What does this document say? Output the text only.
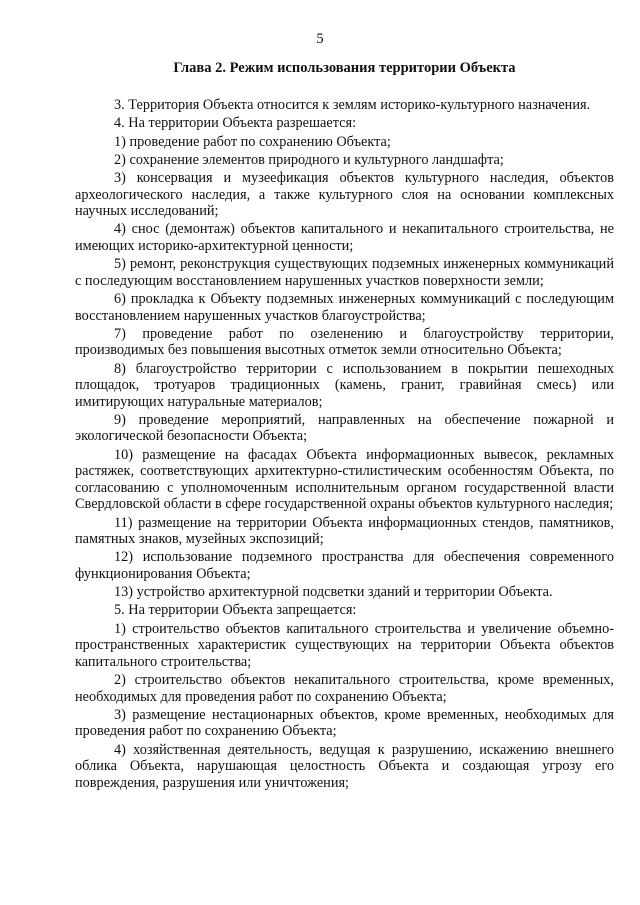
5
Глава 2. Режим использования территории Объекта

3. Территория Объекта относится к землям историко-культурного назначения.

4. На территории Объекта разрешается:

1) проведение работ по сохранению Объекта;

2) сохранение элементов природного и культурного ландшафта;

3) консервация и музеефикация объектов культурного наследия, объектов археологического наследия, а также культурного слоя на основании комплексных научных исследований;

4) снос (демонтаж) объектов капитального и некапитального строительства, не имеющих историко-архитектурной ценности;

5) ремонт, реконструкция существующих подземных инженерных коммуникаций с последующим восстановлением нарушенных участков поверхности земли;

6) прокладка к Объекту подземных инженерных коммуникаций с последующим восстановлением нарушенных участков благоустройства;

7) проведение работ по озеленению и благоустройству территории, производимых без повышения высотных отметок земли относительно Объекта;

8) благоустройство территории с использованием в покрытии пешеходных площадок, тротуаров традиционных (камень, гранит, гравийная смесь) или имитирующих натуральные материалов;

9) проведение мероприятий, направленных на обеспечение пожарной и экологической безопасности Объекта;

10) размещение на фасадах Объекта информационных вывесок, рекламных растяжек, соответствующих архитектурно-стилистическим особенностям Объекта, по согласованию с уполномоченным исполнительным органом государственной власти Свердловской области в сфере государственной охраны объектов культурного наследия;

11) размещение на территории Объекта информационных стендов, памятников, памятных знаков, музейных экспозиций;

12) использование подземного пространства для обеспечения современного функционирования Объекта;

13) устройство архитектурной подсветки зданий и территории Объекта.

5. На территории Объекта запрещается:

1) строительство объектов капитального строительства и увеличение объемно-пространственных характеристик существующих на территории Объекта объектов капитального строительства;

2) строительство объектов некапитального строительства, кроме временных, необходимых для проведения работ по сохранению Объекта;

3) размещение нестационарных объектов, кроме временных, необходимых для проведения работ по сохранению Объекта;

4) хозяйственная деятельность, ведущая к разрушению, искажению внешнего облика Объекта, нарушающая целостность Объекта и создающая угрозу его повреждения, разрушения или уничтожения;
